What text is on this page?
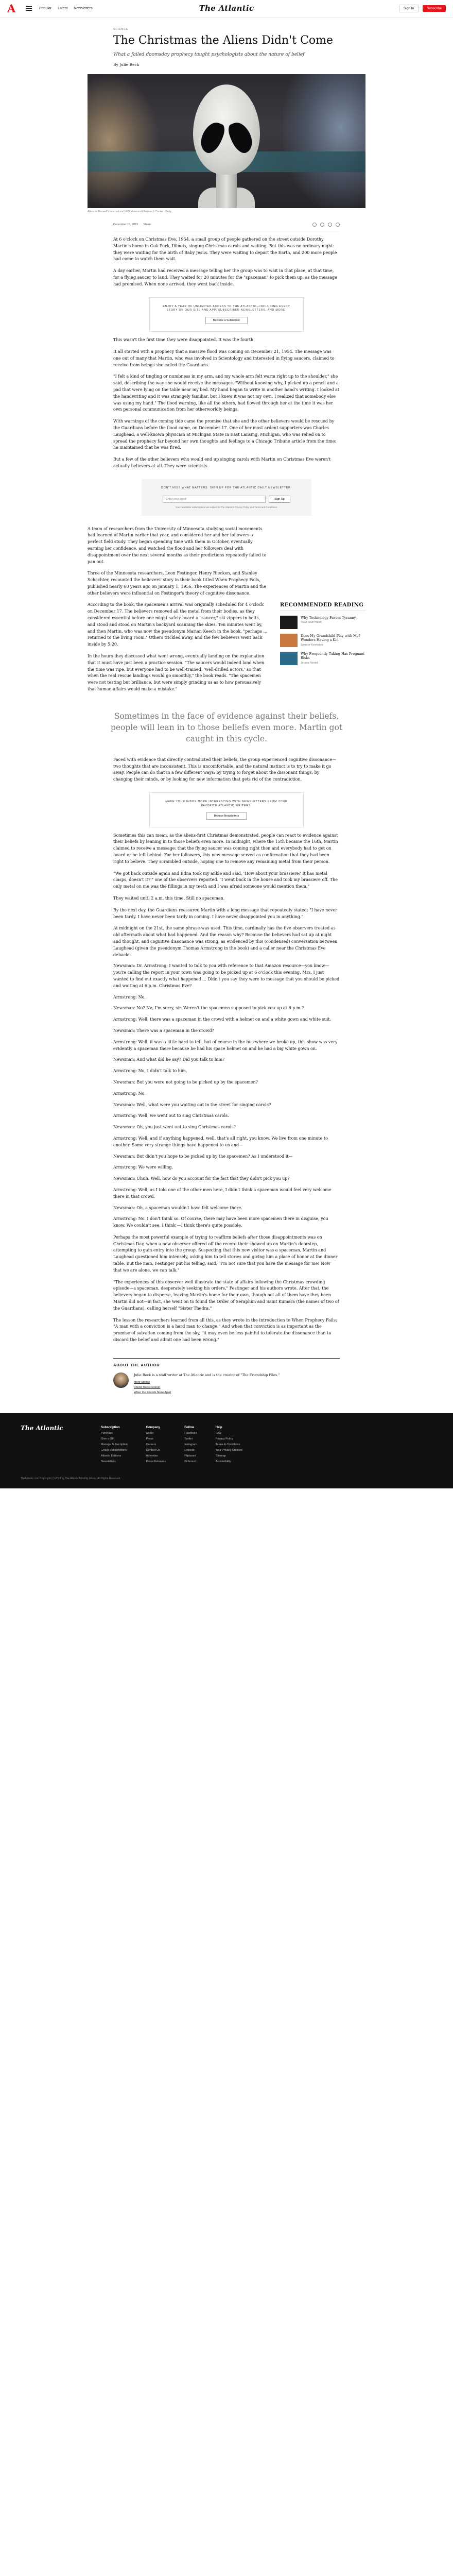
A	Popular Latest Newsletters	The Atlantic	Sign In	Subscribe
SCIENCE
The Christmas the Aliens Didn't Come
What a failed doomsday prophecy taught psychologists about the nature of belief
By Julie Beck
Aliens at Roswell's International UFO Museum & Research Center · Getty
December 18, 2015 Share

At 6 o'clock on Christmas Eve, 1954, a small group of people gathered on the street outside Dorothy Martin's home in Oak Park, Illinois, singing Christmas carols and waiting. But this was no ordinary night: they were waiting for the birth of Baby Jesus. They were waiting to depart the Earth, and 200 more people had come to watch them wait.

A day earlier, Martin had received a message telling her the group was to wait in that place, at that time, for a flying saucer to land. They waited for 20 minutes for the "spaceman" to pick them up, as the message had promised. When none arrived, they went back inside.

ENJOY A YEAR OF UNLIMITED ACCESS TO THE ATLANTIC—INCLUDING EVERY STORY ON OUR SITE AND APP, SUBSCRIBER NEWSLETTERS, AND MORE.
Become a Subscriber

This wasn't the first time they were disappointed. It was the fourth.

It all started with a prophecy that a massive flood was coming on December 21, 1954. The message was one out of many that Martin, who was involved in Scientology and interested in flying saucers, claimed to receive from beings she called the Guardians.

"I felt a kind of tingling or numbness in my arm, and my whole arm felt warm right up to the shoulder," she said, describing the way she would receive the messages. "Without knowing why, I picked up a pencil and a pad that were lying on the table near my bed. My hand began to write in another hand's writing. I looked at the handwriting and it was strangely familiar, but I knew it was not my own. I realized that somebody else was using my hand." The flood warning, like all the others, had flowed through her at the time it was her own personal communication from her otherworldly beings.

With warnings of the coming tide came the promise that she and the other believers would be rescued by the Guardians before the flood came, on December 17. One of her most ardent supporters was Charles Laughead, a well-known physician at Michigan State in East Lansing, Michigan, who was relied on to spread the prophecy far beyond her own thoughts and feelings to a Chicago Tribune article from the time: he maintained that he was fired.

But a few of the other believers who would end up singing carols with Martin on Christmas Eve weren't actually believers at all. They were scientists.

DON'T MISS WHAT MATTERS. SIGN UP FOR THE ATLANTIC DAILY NEWSLETTER.
Enter your email	Sign Up
Your newsletter subscriptions are subject to The Atlantic's Privacy Policy and Terms and Conditions.

A team of researchers from the University of Minnesota studying social movements had learned of Martin earlier that year, and considered her and her followers a perfect field study. They began spending time with them in October, eventually earning her confidence, and watched the flood and her followers deal with disappointment over the next several months as their predictions repeatedly failed to pan out.

Three of the Minnesota researchers, Leon Festinger, Henry Riecken, and Stanley Schachter, recounted the believers' story in their book titled When Prophecy Fails, published nearly 60 years ago on January 1, 1956. The experiences of Martin and the other believers were influential on Festinger's theory of cognitive dissonance.

According to the book, the spacemen's arrival was originally scheduled for 4 o'clock on December 17. The believers removed all the metal from their bodies, as they considered essential before one might safely board a "saucer," ski zippers in belts, and stood and stood on Martin's backyard scanning the skies. Ten minutes went by, and then Martin, who was now the pseudonym Marian Keech in the book, "perhaps ... returned to the living room." Others trickled away, and the few believers went back inside by 5:20.

In the hours they discussed what went wrong, eventually landing on the explanation that it must have just been a practice session. "The saucers would indeed land when the time was ripe, but everyone had to be well-trained, 'well-drilled actors,' so that when the real rescue landings would go smoothly," the book reads. "The spacemen were not testing but brilliance, but were simply grinding us as to how persuasively that human affairs would make a mistake."

RECOMMENDED READING
Why Technology Favors Tyranny
Yuval Noah Harari
Does My Grandchild Play with Me? Wonders Having a Kid
Spencer Kornhaber
Why Frequently Taking Has Pregnant Risks
Jessica Nordell
Sometimes in the face of evidence against their beliefs, people will lean in to those beliefs even more. Martin got caught in this cycle.

Faced with evidence that directly contradicted their beliefs, the group experienced cognitive dissonance—two thoughts that are inconsistent. This is uncomfortable, and the natural instinct is to try to make it go away. People can do that in a few different ways: by trying to forget about the dissonant things, by changing their minds, or by looking for new information that gets rid of the contradiction.

MAKE YOUR INBOX MORE INTERESTING WITH NEWSLETTERS FROM YOUR FAVORITE ATLANTIC WRITERS.
Browse Newsletters

Sometimes this can mean, as the aliens-first Christmas demonstrated, people can react to evidence against their beliefs by leaning in to those beliefs even more. In midnight, where the 15th became the 16th, Martin claimed to receive a message: that the flying saucer was coming right then and everybody had to get on board or be left behind. For her followers, this new message served as confirmation that they had been right to believe. They scrambled outside, hoping one to remove any remaining metal from their person.

"We got back outside again and Edna took my ankle and said, 'How about your brassiere? It has metal clasps, doesn't it?'" one of the observers reported. "I went back in the house and took my brassiere off. The only metal on me was the fillings in my teeth and I was afraid someone would mention them."

They waited until 2 a.m. this time. Still no spaceman.

By the next day, the Guardians reassured Martin with a long message that repeatedly stated: "I have never been tardy. I have never been tardy in coming. I have never disappointed you in anything."

At midnight on the 21st, the same phrase was used. This time, cardinally has the five observers treated as old aftermath about what had happened. And the reason why? Because the believers had sat up at night and thought, and cognitive dissonance was strong, as evidenced by this (condensed) conversation between Laughead (given the pseudonym Thomas Armstrong in the book) and a caller near the Christmas Eve debacle:

Newsman: Dr. Armstrong, I wanted to talk to you with reference to that Amazon resource—you know—you're calling the report in your town was going to be picked up at 6 o'clock this evening. Mrs. I just wanted to find out exactly what happened ... Didn't you say they were to message that you should be picked and waiting at 6 p.m. Christmas Eve?

Armstrong: No.

Newsman: No? No, I'm sorry, sir. Weren't the spacemen supposed to pick you up at 6 p.m.?

Armstrong: Well, there was a spaceman in the crowd with a helmet on and a white gown and white suit.

Newsman: There was a spaceman in the crowd?

Armstrong: Well, it was a little hard to tell, but of course in the bus where we broke up, this show was very evidently a spaceman there because he had his space helmet on and he had a big white gown on.

Newsman: And what did he say? Did you talk to him?

Armstrong: No, I didn't talk to him.

Newsman: But you were not going to be picked up by the spacemen?

Armstrong: No.

Newsman: Well, what were you waiting out in the street for singing carols?

Armstrong: Well, we went out to sing Christmas carols.

Newsman: Oh, you just went out to sing Christmas carols?

Armstrong: Well, and if anything happened, well, that's all right, you know. We live from one minute to another. Some very strange things have happened to us and—

Newsman: But didn't you hope to be picked up by the spacemen? As I understood it—

Armstrong: We were willing.

Newsman: Uhuh. Well, how do you account for the fact that they didn't pick you up?

Armstrong: Well, as I told one of the other men here, I didn't think a spaceman would feel very welcome there in that crowd.

Newsman: Oh, a spaceman wouldn't have felt welcome there.

Armstrong: No. I don't think so. Of course, there may have been more spacemen there in disguise, you know. We couldn't see. I think —I think there's quite possible.

Perhaps the most powerful example of trying to reaffirm beliefs after those disappointments was on Christmas Day, when a new observer offered off the record their showed up on Martin's doorstep, attempting to gain entry into the group. Suspecting that this new visitor was a spaceman, Martin and Laughead questioned him intensely, asking him to tell stories and giving him a place of honor at the dinner table. But the man, Festinger put his telling, said, "I'm not sure that you have the message for me! Now that we are alone, we can talk."

"The experiences of this observer well illustrate the state of affairs following the Christmas crowding episode—a spaceman, desperately seeking his orders," Festinger and his authors wrote. After that, the believers began to disperse, leaving Martin's home for their own, though not all of them have they been Martin did not—in fact, she went on to found the Order of Seraphim and Saint Kumara (the names of two of the Guardians), calling herself "Sister Thedra."

The lesson the researchers learned from all this, as they wrote in the introduction to When Prophecy Fails: "A man with a conviction is a hard man to change." And when that conviction is as important as the promise of salvation coming from the sky, "it may even be less painful to tolerate the dissonance than to discard the belief and admit one had been wrong."

ABOUT THE AUTHOR
Julie Beck is a staff writer at The Atlantic and is the creator of "The Friendship Files."
More Stories
Friend Trees Forever
When the Friends Grow Apart
The Atlantic	Subscription
Purchase
Give a Gift
Manage Subscription
Group Subscriptions
Atlantic Editions
Newsletters
Company
About
Press
Careers
Contact Us
Advertise
Press Releases
Follow
Facebook
Twitter
Instagram
LinkedIn
Flipboard
Pinterest
Help
FAQ
Privacy Policy
Terms & Conditions
Your Privacy Choices
Sitemap
Accessibility
TheAtlantic.com Copyright (c) 2023 by The Atlantic Monthly Group. All Rights Reserved.
